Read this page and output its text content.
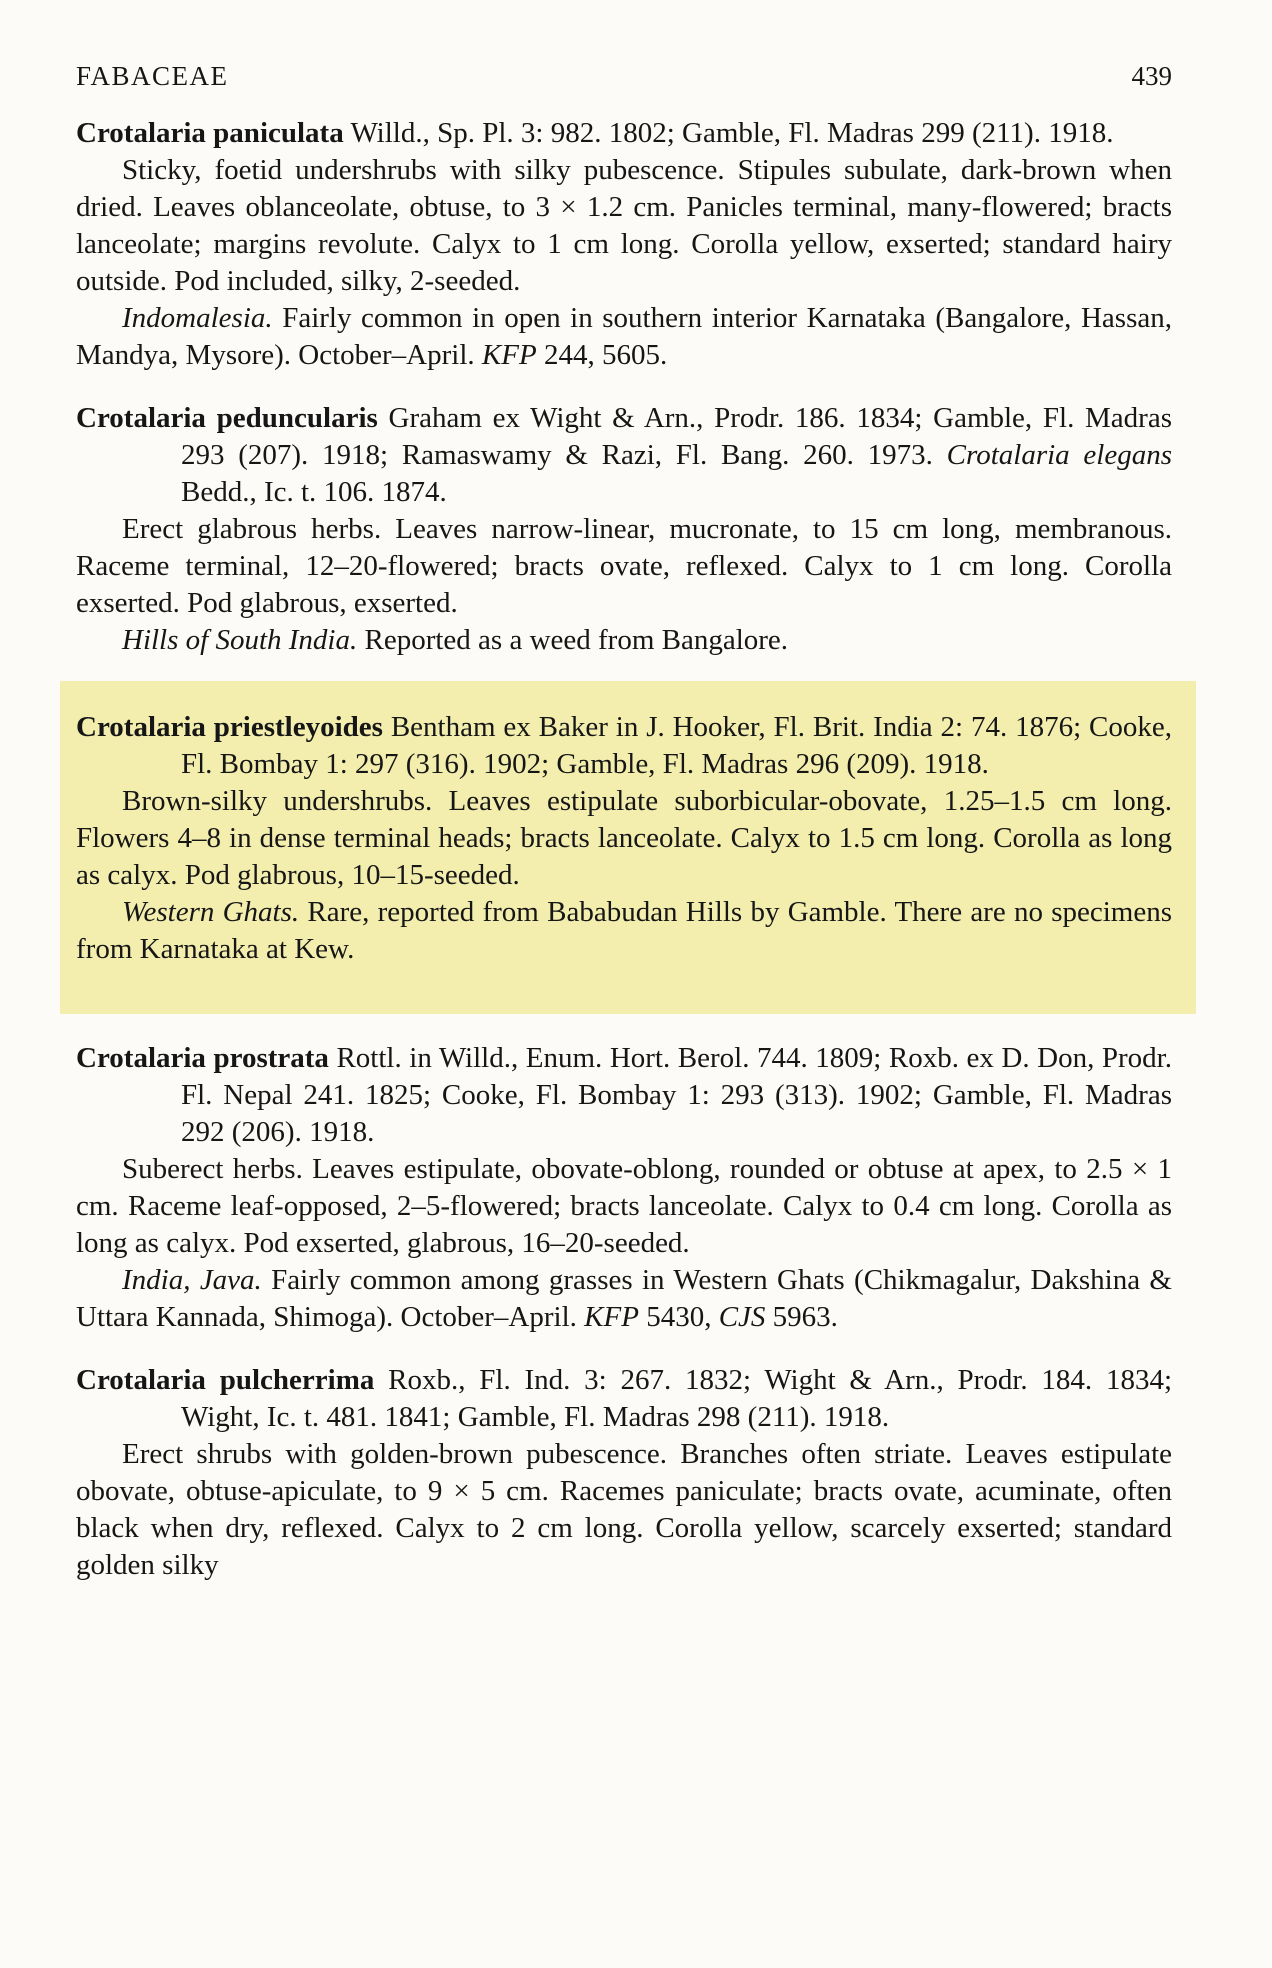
FABACEAE	439

Crotalaria paniculata Willd., Sp. Pl. 3: 982. 1802; Gamble, Fl. Madras 299 (211). 1918.

Sticky, foetid undershrubs with silky pubescence. Stipules subulate, dark-brown when dried. Leaves oblanceolate, obtuse, to 3 × 1.2 cm. Panicles terminal, many-flowered; bracts lanceolate; margins revolute. Calyx to 1 cm long. Corolla yellow, exserted; standard hairy outside. Pod included, silky, 2-seeded.

Indomalesia. Fairly common in open in southern interior Karnataka (Bangalore, Hassan, Mandya, Mysore). October–April. KFP 244, 5605.

Crotalaria peduncularis Graham ex Wight & Arn., Prodr. 186. 1834; Gamble, Fl. Madras 293 (207). 1918; Ramaswamy & Razi, Fl. Bang. 260. 1973. Crotalaria elegans Bedd., Ic. t. 106. 1874.

Erect glabrous herbs. Leaves narrow-linear, mucronate, to 15 cm long, membranous. Raceme terminal, 12–20-flowered; bracts ovate, reflexed. Calyx to 1 cm long. Corolla exserted. Pod glabrous, exserted.

Hills of South India. Reported as a weed from Bangalore.

Crotalaria priestleyoides Bentham ex Baker in J. Hooker, Fl. Brit. India 2: 74. 1876; Cooke, Fl. Bombay 1: 297 (316). 1902; Gamble, Fl. Madras 296 (209). 1918.

Brown-silky undershrubs. Leaves estipulate suborbicular-obovate, 1.25–1.5 cm long. Flowers 4–8 in dense terminal heads; bracts lanceolate. Calyx to 1.5 cm long. Corolla as long as calyx. Pod glabrous, 10–15-seeded.

Western Ghats. Rare, reported from Bababudan Hills by Gamble. There are no specimens from Karnataka at Kew.

Crotalaria prostrata Rottl. in Willd., Enum. Hort. Berol. 744. 1809; Roxb. ex D. Don, Prodr. Fl. Nepal 241. 1825; Cooke, Fl. Bombay 1: 293 (313). 1902; Gamble, Fl. Madras 292 (206). 1918.

Suberect herbs. Leaves estipulate, obovate-oblong, rounded or obtuse at apex, to 2.5 × 1 cm. Raceme leaf-opposed, 2–5-flowered; bracts lanceolate. Calyx to 0.4 cm long. Corolla as long as calyx. Pod exserted, glabrous, 16–20-seeded.

India, Java. Fairly common among grasses in Western Ghats (Chikmagalur, Dakshina & Uttara Kannada, Shimoga). October–April. KFP 5430, CJS 5963.

Crotalaria pulcherrima Roxb., Fl. Ind. 3: 267. 1832; Wight & Arn., Prodr. 184. 1834; Wight, Ic. t. 481. 1841; Gamble, Fl. Madras 298 (211). 1918.

Erect shrubs with golden-brown pubescence. Branches often striate. Leaves estipulate obovate, obtuse-apiculate, to 9 × 5 cm. Racemes paniculate; bracts ovate, acuminate, often black when dry, reflexed. Calyx to 2 cm long. Corolla yellow, scarcely exserted; standard golden silky
